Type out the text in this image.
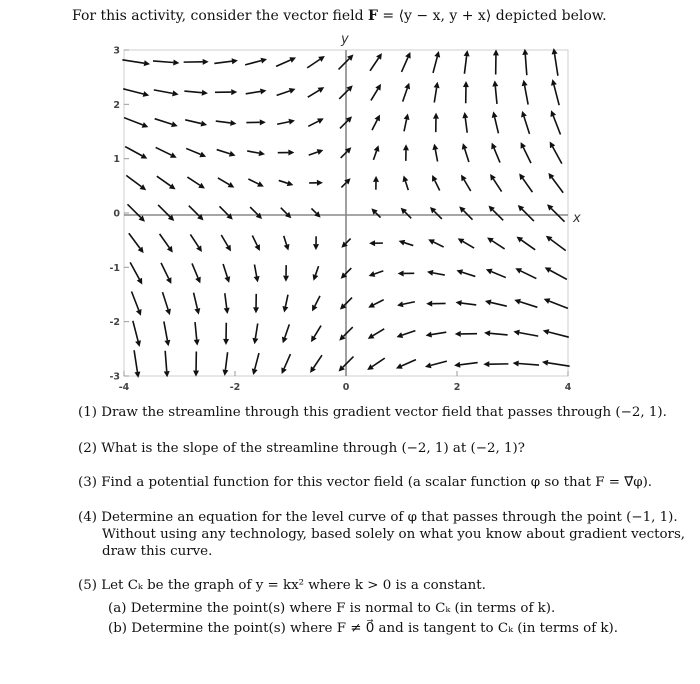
For this activity, consider the vector field F = ⟨y − x, y + x⟩ depicted below.
-4	-2	0	2	4
-3
-2
-1
0
1
2
3
y
x
(1) Draw the streamline through this gradient vector field that passes through (−2, 1).
(2) What is the slope of the streamline through (−2, 1) at (−2, 1)?
(3) Find a potential function for this vector field (a scalar function φ so that F = ∇⃗φ).
(4) Determine an equation for the level curve of φ that passes through the point (−1, 1).
Without using any technology, based solely on what you know about gradient vectors,
draw this curve.
(5) Let Cₖ be the graph of y = kx² where k > 0 is a constant.
(a) Determine the point(s) where F is normal to Cₖ (in terms of k).
(b) Determine the point(s) where F ≠ 0⃗ and is tangent to Cₖ (in terms of k).
